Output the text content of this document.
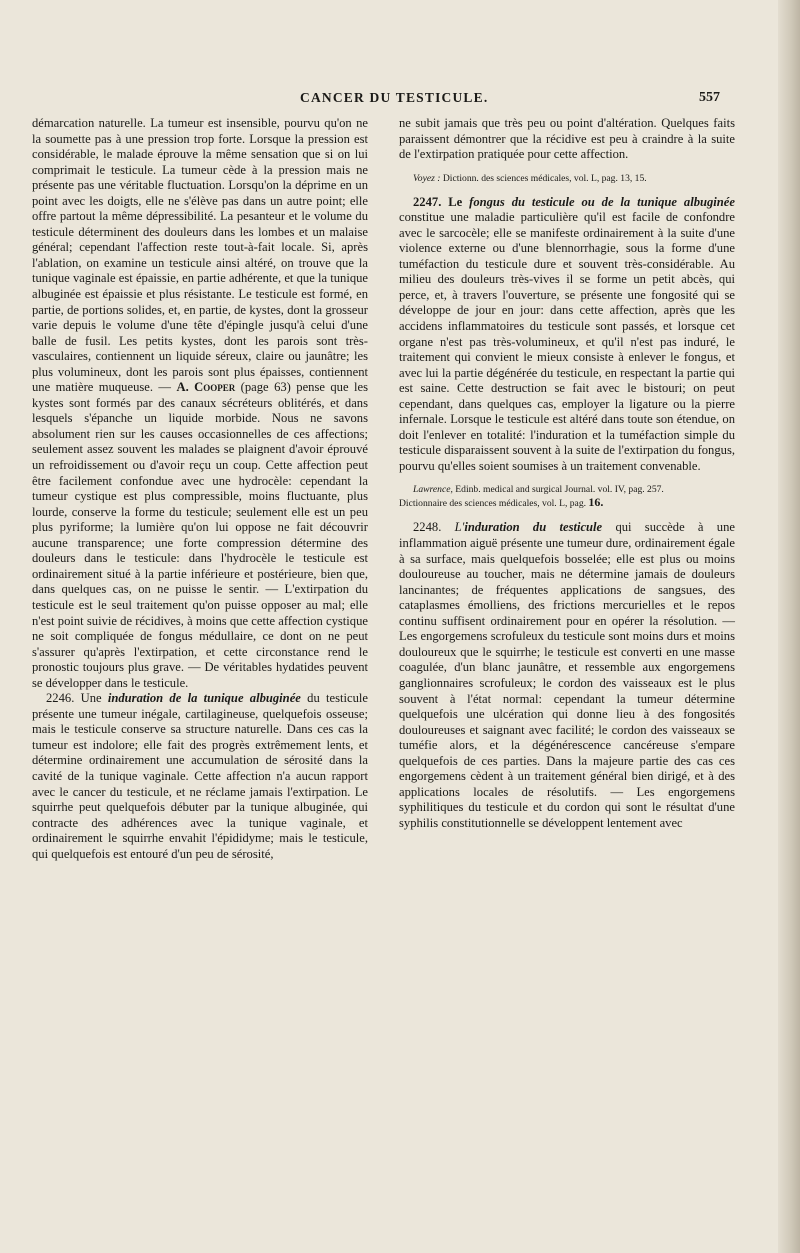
CANCER DU TESTICULE.	557

démarcation naturelle. La tumeur est insensible, pourvu qu'on ne la soumette pas à une pression trop forte. Lorsque la pression est considérable, le malade éprouve la même sensation que si on lui comprimait le testicule. La tumeur cède à la pression mais ne présente pas une véritable fluctuation. Lorsqu'on la déprime en un point avec les doigts, elle ne s'élève pas dans un autre point; elle offre partout la même dépressibilité. La pesanteur et le volume du testicule déterminent des douleurs dans les lombes et un malaise général; cependant l'affection reste tout-à-fait locale. Si, après l'ablation, on examine un testicule ainsi altéré, on trouve que la tunique vaginale est épaissie, en partie adhérente, et que la tunique albuginée est épaissie et plus résistante. Le testicule est formé, en partie, de portions solides, et, en partie, de kystes, dont la grosseur varie depuis le volume d'une tête d'épingle jusqu'à celui d'une balle de fusil. Les petits kystes, dont les parois sont très-vasculaires, contiennent un liquide séreux, claire ou jaunâtre; les plus volumineux, dont les parois sont plus épaisses, contiennent une matière muqueuse. — A. Cooper (page 63) pense que les kystes sont formés par des canaux sécréteurs oblitérés, et dans lesquels s'épanche un liquide morbide. Nous ne savons absolument rien sur les causes occasionnelles de ces affections; seulement assez souvent les malades se plaignent d'avoir éprouvé un refroidissement ou d'avoir reçu un coup. Cette affection peut être facilement confondue avec une hydrocèle: cependant la tumeur cystique est plus compressible, moins fluctuante, plus lourde, conserve la forme du testicule; seulement elle est un peu plus pyriforme; la lumière qu'on lui oppose ne fait découvrir aucune transparence; une forte compression détermine des douleurs dans le testicule: dans l'hydrocèle le testicule est ordinairement situé à la partie inférieure et postérieure, bien que, dans quelques cas, on ne puisse le sentir. — L'extirpation du testicule est le seul traitement qu'on puisse opposer au mal; elle n'est point suivie de récidives, à moins que cette affection cystique ne soit compliquée de fongus médullaire, ce dont on ne peut s'assurer qu'après l'extirpation, et cette circonstance rend le pronostic toujours plus grave. — De véritables hydatides peuvent se développer dans le testicule.

2246. Une induration de la tunique albuginée du testicule présente une tumeur inégale, cartilagineuse, quelquefois osseuse; mais le testicule conserve sa structure naturelle. Dans ces cas la tumeur est indolore; elle fait des progrès extrêmement lents, et détermine ordinairement une accumulation de sérosité dans la cavité de la tunique vaginale. Cette affection n'a aucun rapport avec le cancer du testicule, et ne réclame jamais l'extirpation. Le squirrhe peut quelquefois débuter par la tunique albuginée, qui contracte des adhérences avec la tunique vaginale, et ordinairement le squirrhe envahit l'épididyme; mais le testicule, qui quelquefois est entouré d'un peu de sérosité,

ne subit jamais que très peu ou point d'altération. Quelques faits paraissent démontrer que la récidive est peu à craindre à la suite de l'extirpation pratiquée pour cette affection.

Voyez : Dictionn. des sciences médicales, vol. L, pag. 13, 15.

2247. Le fongus du testicule ou de la tunique albuginée constitue une maladie particulière qu'il est facile de confondre avec le sarcocèle; elle se manifeste ordinairement à la suite d'une violence externe ou d'une blennorrhagie, sous la forme d'une tuméfaction du testicule dure et souvent très-considérable. Au milieu des douleurs très-vives il se forme un petit abcès, qui perce, et, à travers l'ouverture, se présente une fongosité qui se développe de jour en jour: dans cette affection, après que les accidens inflammatoires du testicule sont passés, et lorsque cet organe n'est pas très-volumineux, et qu'il n'est pas induré, le traitement qui convient le mieux consiste à enlever le fongus, et avec lui la partie dégénérée du testicule, en respectant la partie qui est saine. Cette destruction se fait avec le bistouri; on peut cependant, dans quelques cas, employer la ligature ou la pierre infernale. Lorsque le testicule est altéré dans toute son étendue, on doit l'enlever en totalité: l'induration et la tuméfaction simple du testicule disparaissent souvent à la suite de l'extirpation du fongus, pourvu qu'elles soient soumises à un traitement convenable.

Lawrence, Edinb. medical and surgical Journal. vol. IV, pag. 257.
Dictionnaire des sciences médicales, vol. L, pag. 16.

2248. L'induration du testicule qui succède à une inflammation aiguë présente une tumeur dure, ordinairement égale à sa surface, mais quelquefois bosselée; elle est plus ou moins douloureuse au toucher, mais ne détermine jamais de douleurs lancinantes; de fréquentes applications de sangsues, des cataplasmes émolliens, des frictions mercurielles et le repos continu suffisent ordinairement pour en opérer la résolution. — Les engorgemens scrofuleux du testicule sont moins durs et moins douloureux que le squirrhe; le testicule est converti en une masse coagulée, d'un blanc jaunâtre, et ressemble aux engorgemens ganglionnaires scrofuleux; le cordon des vaisseaux est le plus souvent à l'état normal: cependant la tumeur détermine quelquefois une ulcération qui donne lieu à des fongosités douloureuses et saignant avec facilité; le cordon des vaisseaux se tuméfie alors, et la dégénérescence cancéreuse s'empare quelquefois de ces parties. Dans la majeure partie des cas ces engorgemens cèdent à un traitement général bien dirigé, et à des applications locales de résolutifs. — Les engorgemens syphilitiques du testicule et du cordon qui sont le résultat d'une syphilis constitutionnelle se développent lentement avec
